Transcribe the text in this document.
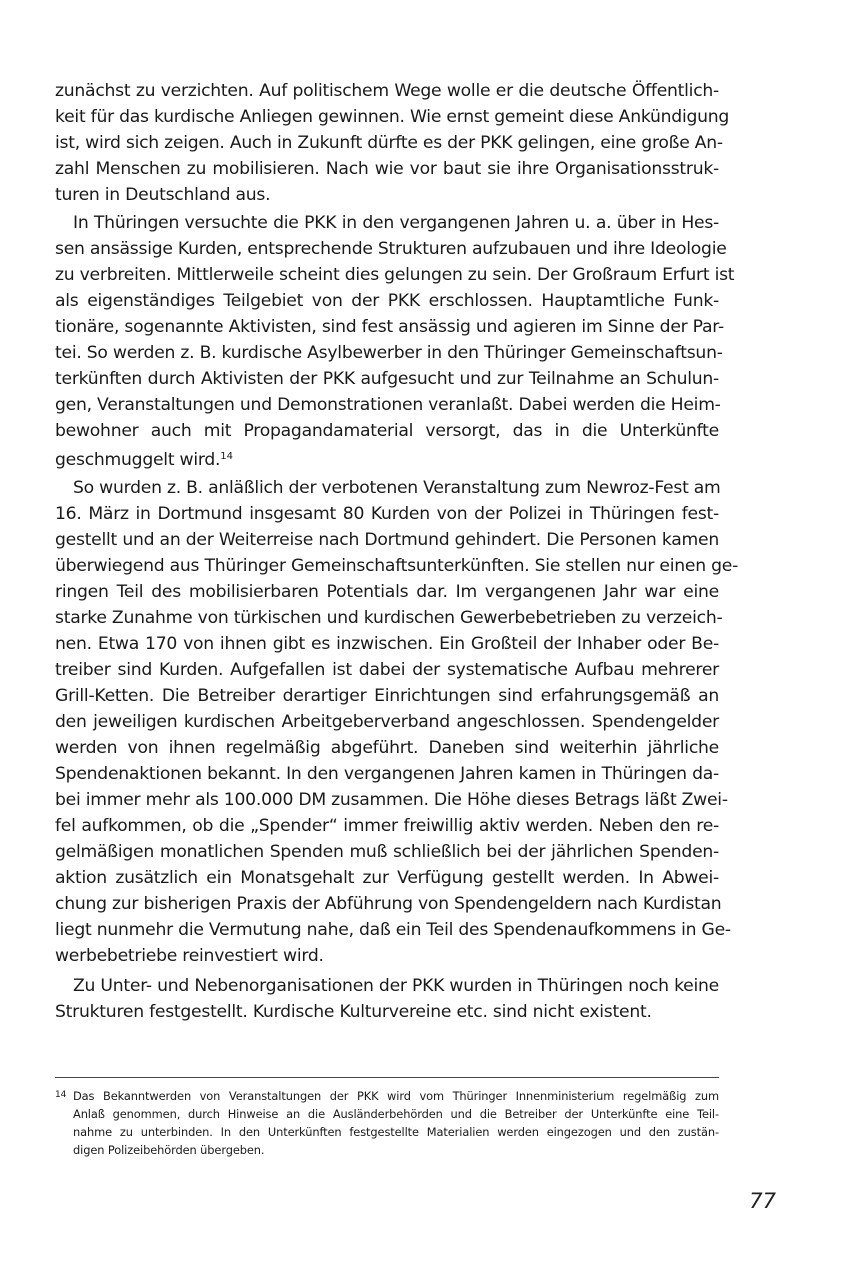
zunächst zu verzichten. Auf politischem Wege wolle er die deutsche Öffentlich-
keit für das kurdische Anliegen gewinnen. Wie ernst gemeint diese Ankündigung
ist, wird sich zeigen. Auch in Zukunft dürfte es der PKK gelingen, eine große An-
zahl Menschen zu mobilisieren. Nach wie vor baut sie ihre Organisationsstruk-
turen in Deutschland aus.

In Thüringen versuchte die PKK in den vergangenen Jahren u. a. über in Hes-
sen ansässige Kurden, entsprechende Strukturen aufzubauen und ihre Ideologie
zu verbreiten. Mittlerweile scheint dies gelungen zu sein. Der Großraum Erfurt ist
als eigenständiges Teilgebiet von der PKK erschlossen. Hauptamtliche Funk-
tionäre, sogenannte Aktivisten, sind fest ansässig und agieren im Sinne der Par-
tei. So werden z. B. kurdische Asylbewerber in den Thüringer Gemeinschaftsun-
terkünften durch Aktivisten der PKK aufgesucht und zur Teilnahme an Schulun-
gen, Veranstaltungen und Demonstrationen veranlaßt. Dabei werden die Heim-
bewohner auch mit Propagandamaterial versorgt, das in die Unterkünfte
geschmuggelt wird.$^{14}$

So wurden z. B. anläßlich der verbotenen Veranstaltung zum Newroz-Fest am
16. März in Dortmund insgesamt 80 Kurden von der Polizei in Thüringen fest-
gestellt und an der Weiterreise nach Dortmund gehindert. Die Personen kamen
überwiegend aus Thüringer Gemeinschaftsunterkünften. Sie stellen nur einen ge-
ringen Teil des mobilisierbaren Potentials dar. Im vergangenen Jahr war eine
starke Zunahme von türkischen und kurdischen Gewerbebetrieben zu verzeich-
nen. Etwa 170 von ihnen gibt es inzwischen. Ein Großteil der Inhaber oder Be-
treiber sind Kurden. Aufgefallen ist dabei der systematische Aufbau mehrerer
Grill-Ketten. Die Betreiber derartiger Einrichtungen sind erfahrungsgemäß an
den jeweiligen kurdischen Arbeitgeberverband angeschlossen. Spendengelder
werden von ihnen regelmäßig abgeführt. Daneben sind weiterhin jährliche
Spendenaktionen bekannt. In den vergangenen Jahren kamen in Thüringen da-
bei immer mehr als 100.000 DM zusammen. Die Höhe dieses Betrags läßt Zwei-
fel aufkommen, ob die „Spender“ immer freiwillig aktiv werden. Neben den re-
gelmäßigen monatlichen Spenden muß schließlich bei der jährlichen Spenden-
aktion zusätzlich ein Monatsgehalt zur Verfügung gestellt werden. In Abwei-
chung zur bisherigen Praxis der Abführung von Spendengeldern nach Kurdistan
liegt nunmehr die Vermutung nahe, daß ein Teil des Spendenaufkommens in Ge-
werbebetriebe reinvestiert wird.

Zu Unter- und Nebenorganisationen der PKK wurden in Thüringen noch keine
Strukturen festgestellt. Kurdische Kulturvereine etc. sind nicht existent.

14 Das Bekanntwerden von Veranstaltungen der PKK wird vom Thüringer Innenministerium regelmäßig zum
Anlaß genommen, durch Hinweise an die Ausländerbehörden und die Betreiber der Unterkünfte eine Teil-
nahme zu unterbinden. In den Unterkünften festgestellte Materialien werden eingezogen und den zustän-
digen Polizeibehörden übergeben.
77
